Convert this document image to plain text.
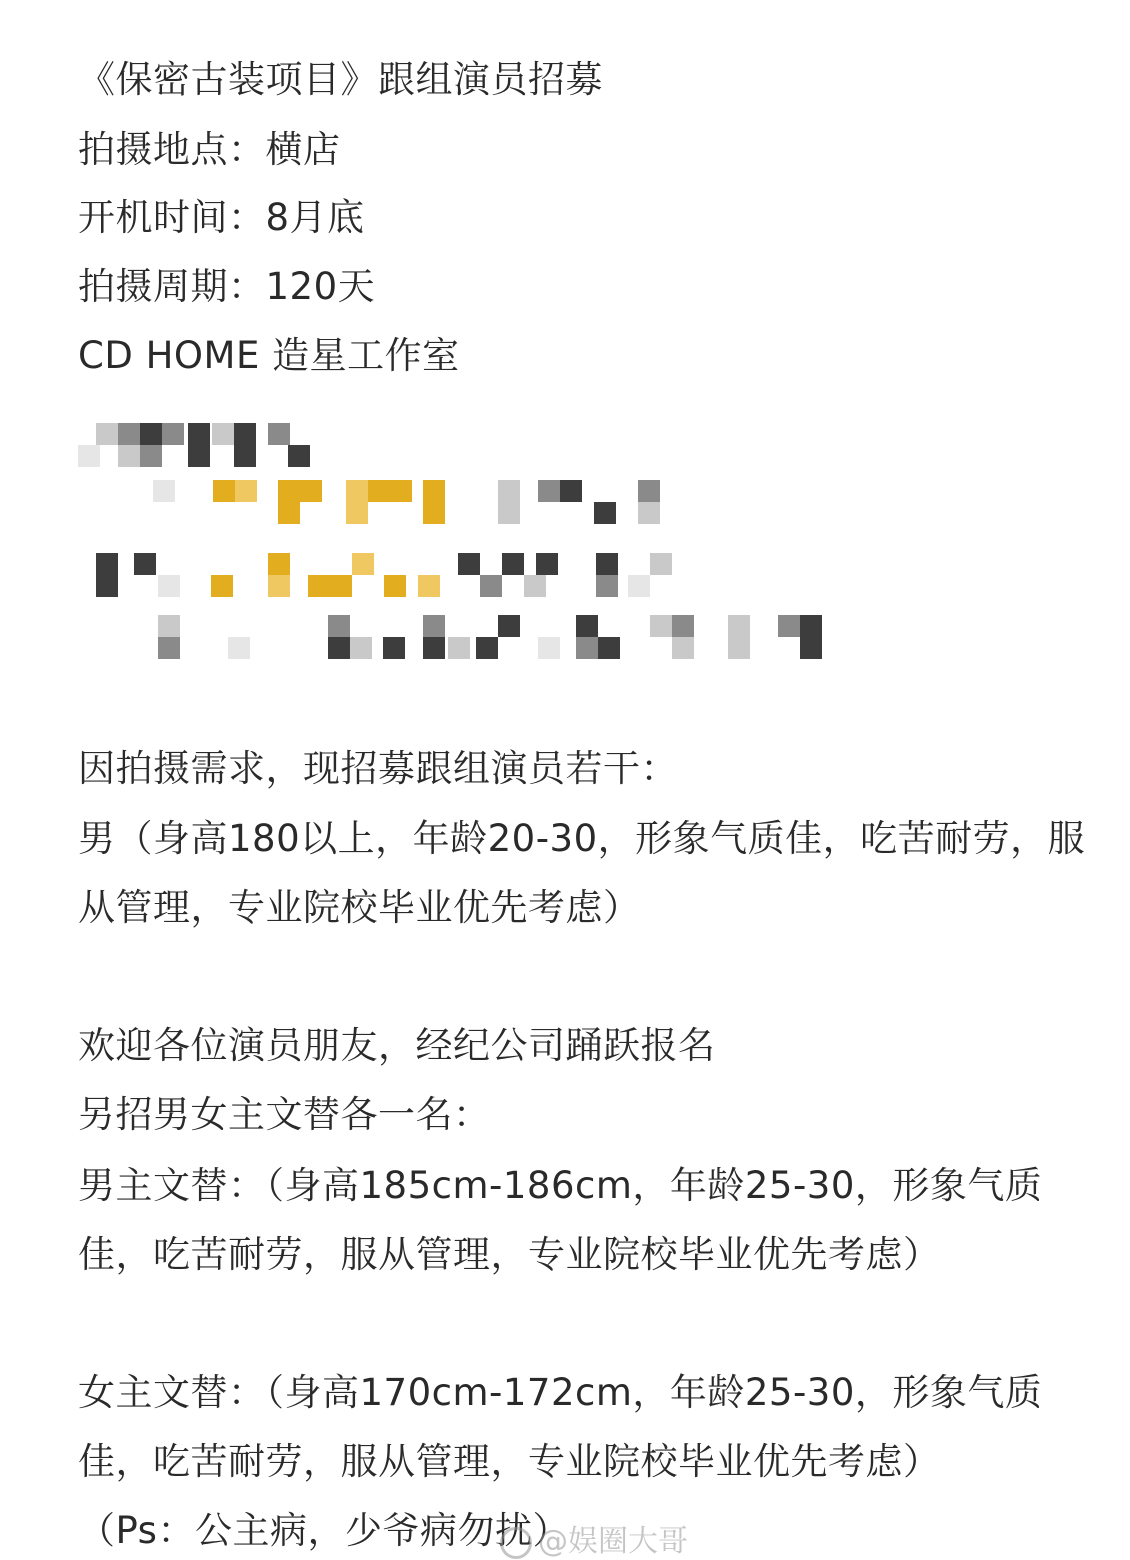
《保密古装项目》跟组演员招募
拍摄地点：横店
开机时间：8月底
拍摄周期：120天
CD HOME 造星工作室
因拍摄需求，现招募跟组演员若干：
男（身高180以上，年龄20-30，形象气质佳，吃苦耐劳，服从管理，专业院校毕业优先考虑）
欢迎各位演员朋友，经纪公司踊跃报名
另招男女主文替各一名：
男主文替：（身高185cm-186cm，年龄25-30，形象气质佳，吃苦耐劳，服从管理，专业院校毕业优先考虑）
女主文替：（身高170cm-172cm，年龄25-30，形象气质佳，吃苦耐劳，服从管理，专业院校毕业优先考虑）
（Ps：公主病，少爷病勿扰）
@娱圈大哥
